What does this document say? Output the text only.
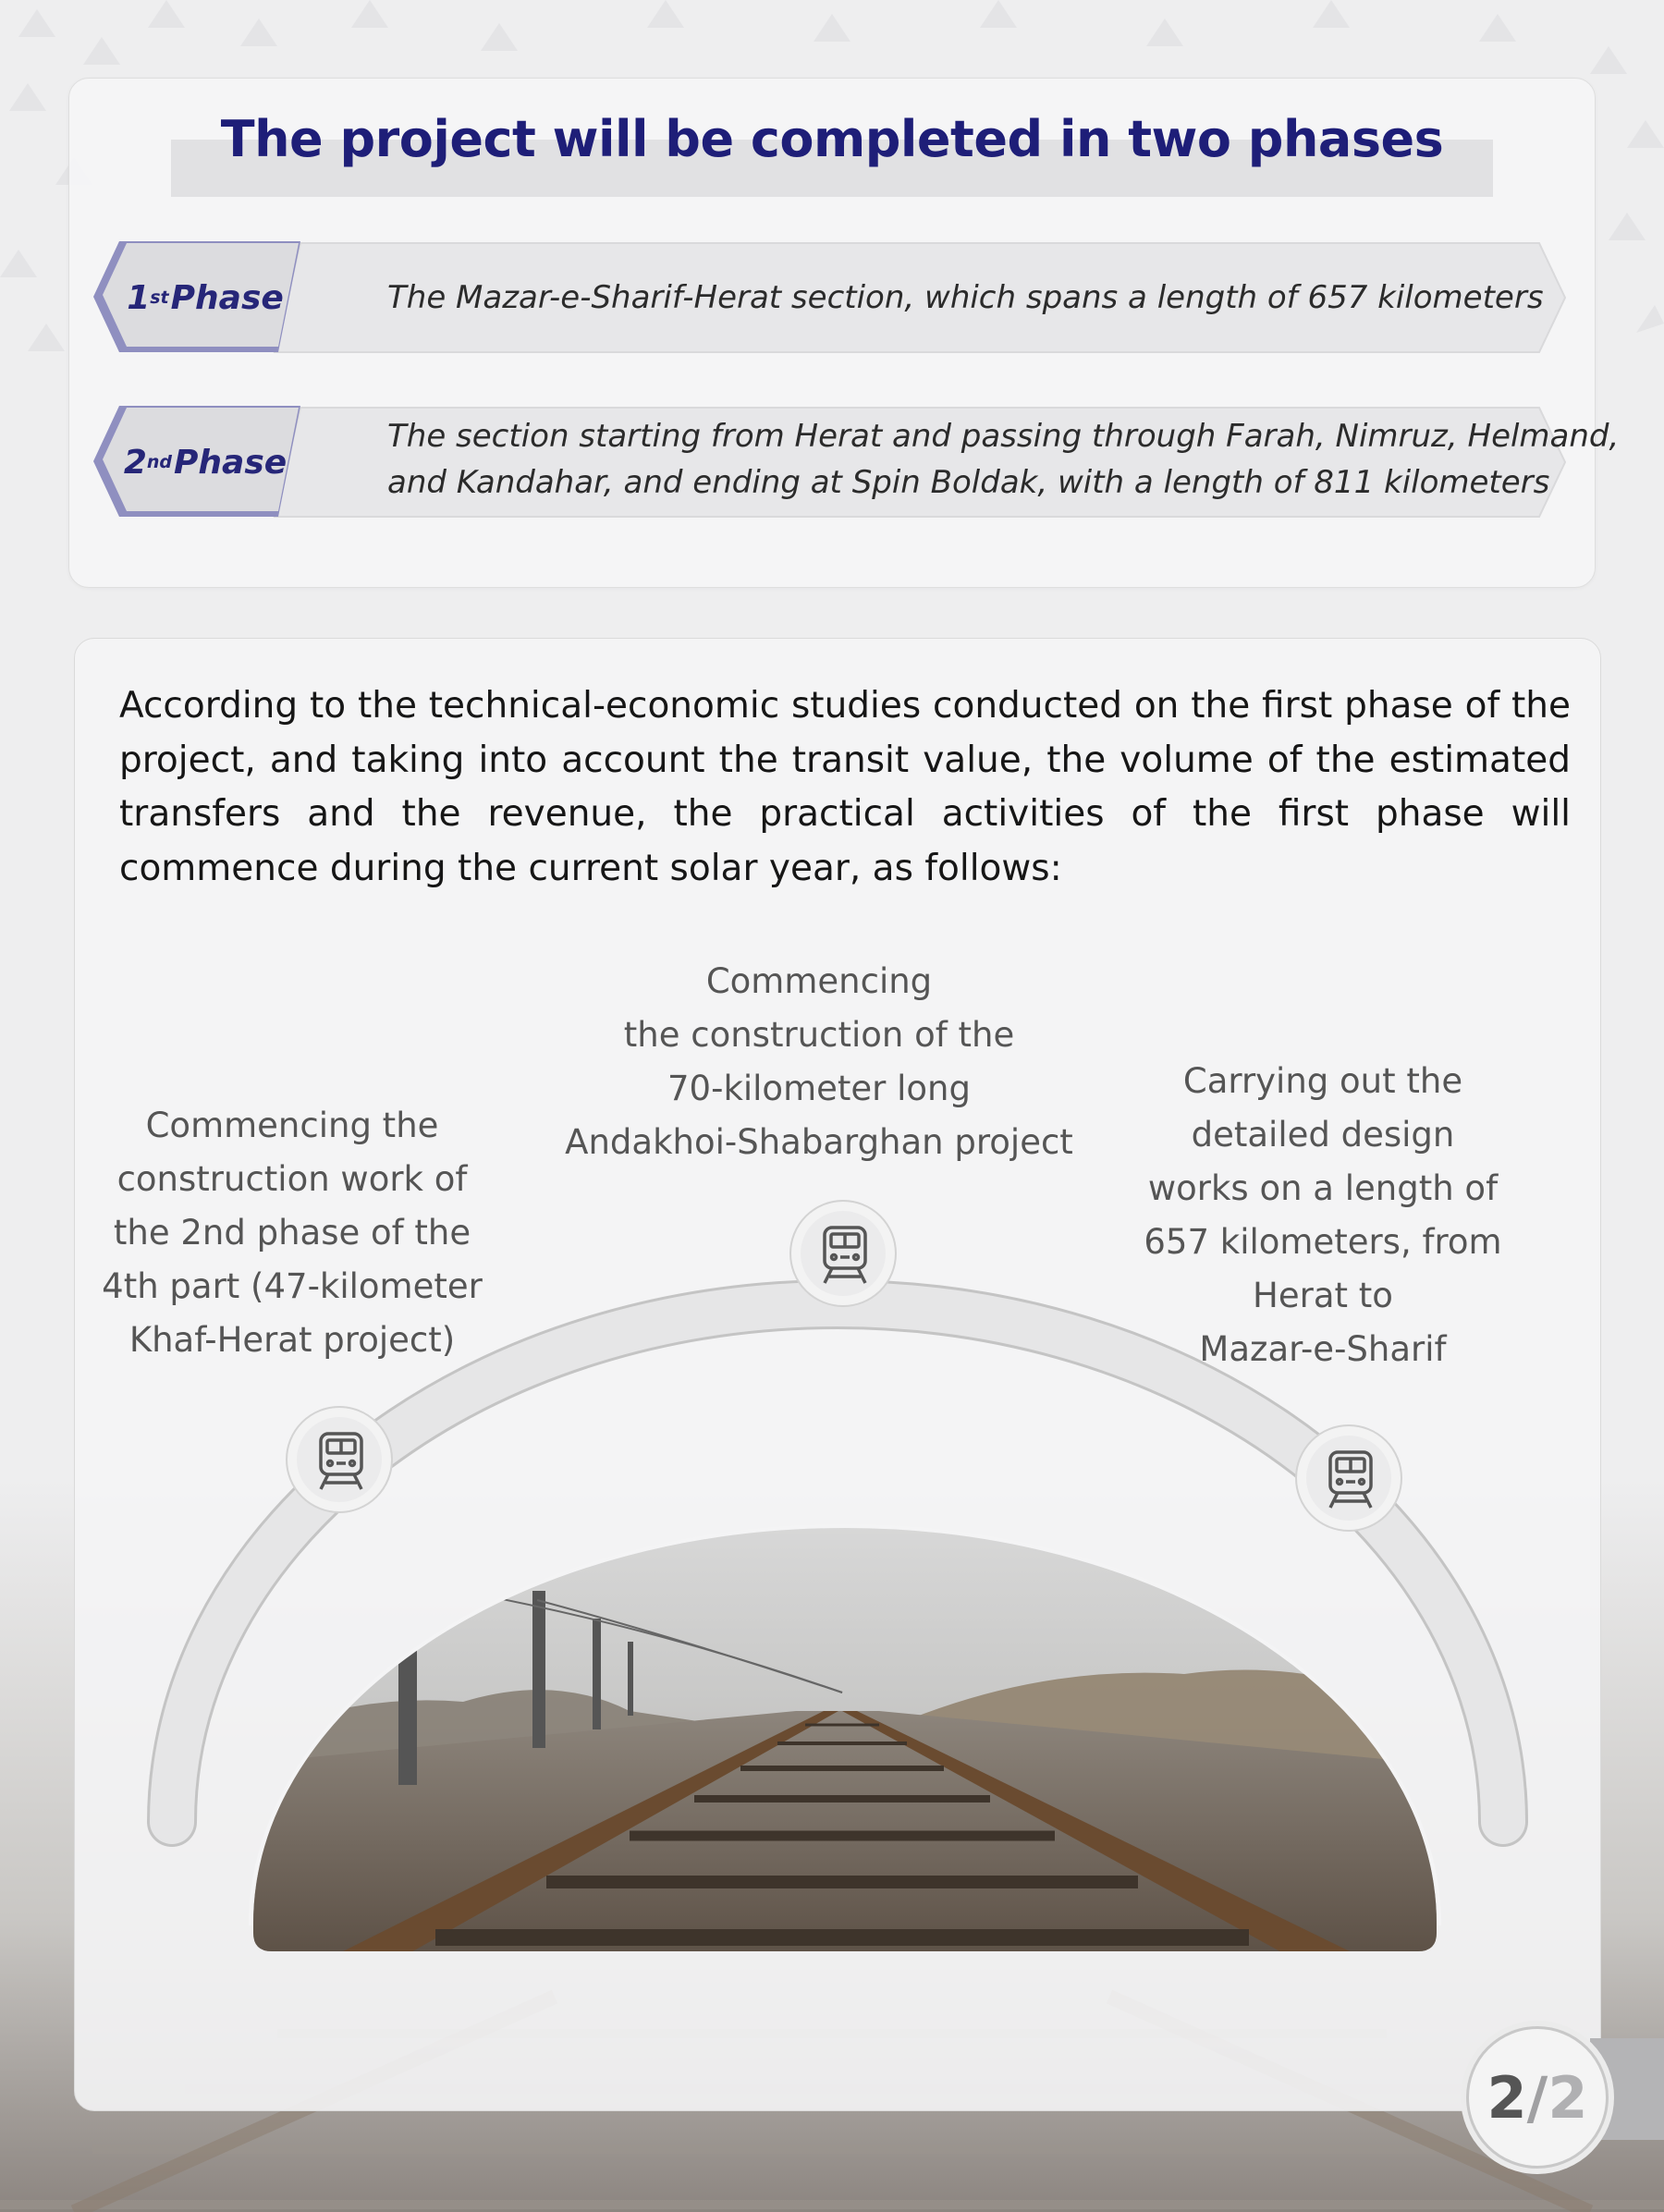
The project will be completed in two phases
1 st Phase	The Mazar-e-Sharif-Herat section, which spans a length of 657 kilometers
2 nd Phase
The section starting from Herat and passing through Farah, Nimruz, Helmand,
and Kandahar, and ending at Spin Boldak, with a length of 811 kilometers

According to the technical-economic studies conducted on the first phase of the project, and taking into account the transit value, the volume of the estimated transfers and the revenue, the practical activities of the first phase will commence during the current solar year, as follows:

Commencing the
construction work of
the 2nd phase of the
4th part (47-kilometer
Khaf-Herat project)

Commencing
the construction of the
70-kilometer long
Andakhoi-Shabarghan project

Carrying out the
detailed design
works on a length of
657 kilometers, from
Herat to
Mazar-e-Sharif

2 / 2
